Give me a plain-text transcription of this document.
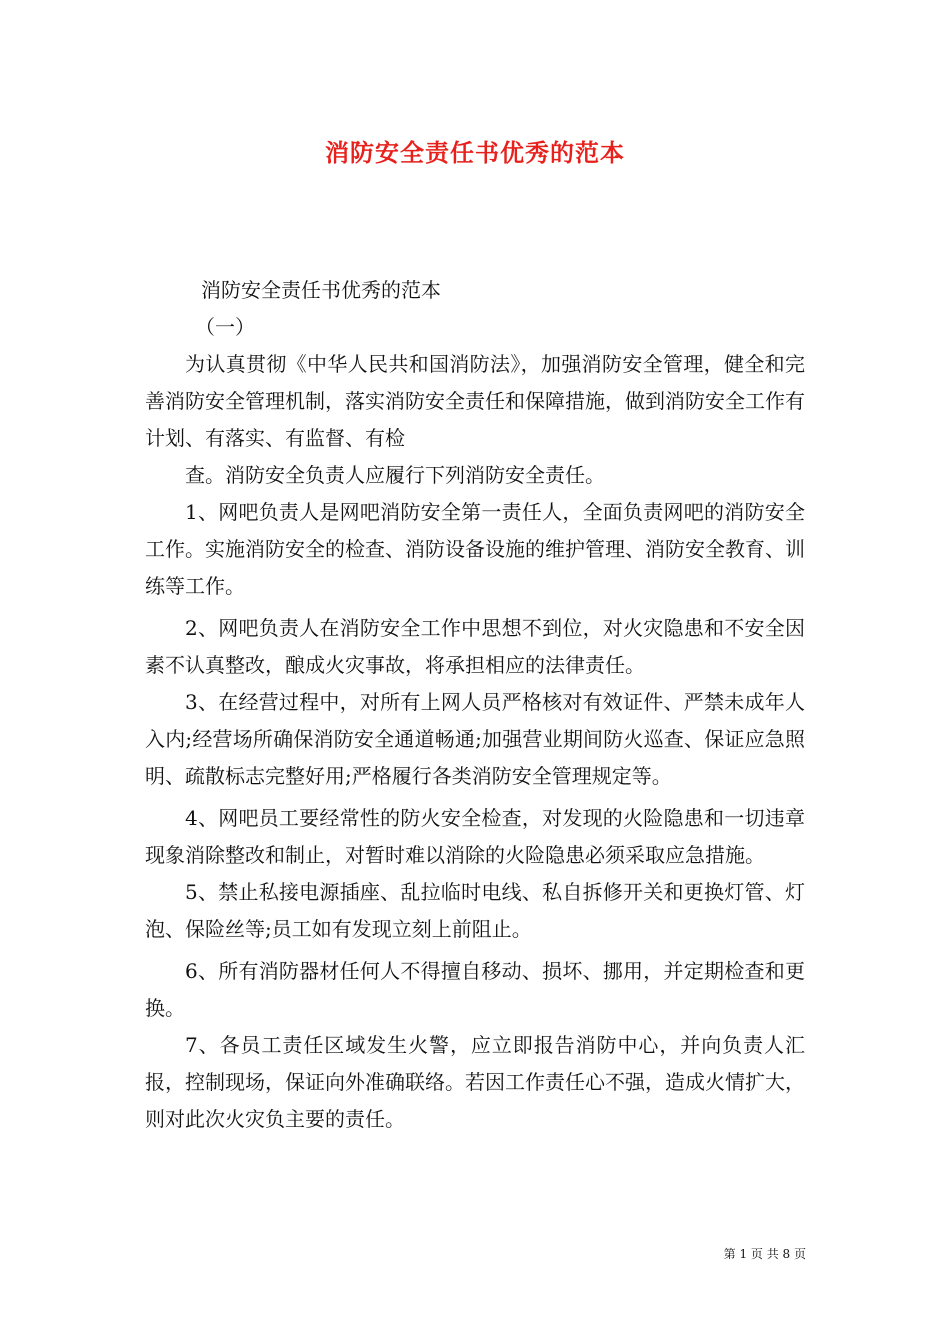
消防安全责任书优秀的范本

消防安全责任书优秀的范本

（一）

为认真贯彻《中华人民共和国消防法》，加强消防安全管理，健全和完善消防安全管理机制，落实消防安全责任和保障措施，做到消防安全工作有计划、有落实、有监督、有检

查。消防安全负责人应履行下列消防安全责任。

1、网吧负责人是网吧消防安全第一责任人，全面负责网吧的消防安全工作。实施消防安全的检查、消防设备设施的维护管理、消防安全教育、训练等工作。

2、网吧负责人在消防安全工作中思想不到位，对火灾隐患和不安全因素不认真整改，酿成火灾事故，将承担相应的法律责任。

3、在经营过程中，对所有上网人员严格核对有效证件、严禁未成年人入内;经营场所确保消防安全通道畅通;加强营业期间防火巡查、保证应急照明、疏散标志完整好用;严格履行各类消防安全管理规定等。

4、网吧员工要经常性的防火安全检查，对发现的火险隐患和一切违章现象消除整改和制止，对暂时难以消除的火险隐患必须采取应急措施。

5、禁止私接电源插座、乱拉临时电线、私自拆修开关和更换灯管、灯泡、保险丝等;员工如有发现立刻上前阻止。

6、所有消防器材任何人不得擅自移动、损坏、挪用，并定期检查和更换。

7、各员工责任区域发生火警，应立即报告消防中心，并向负责人汇报，控制现场，保证向外准确联络。若因工作责任心不强，造成火情扩大，则对此次火灾负主要的责任。

第 1 页 共 8 页
